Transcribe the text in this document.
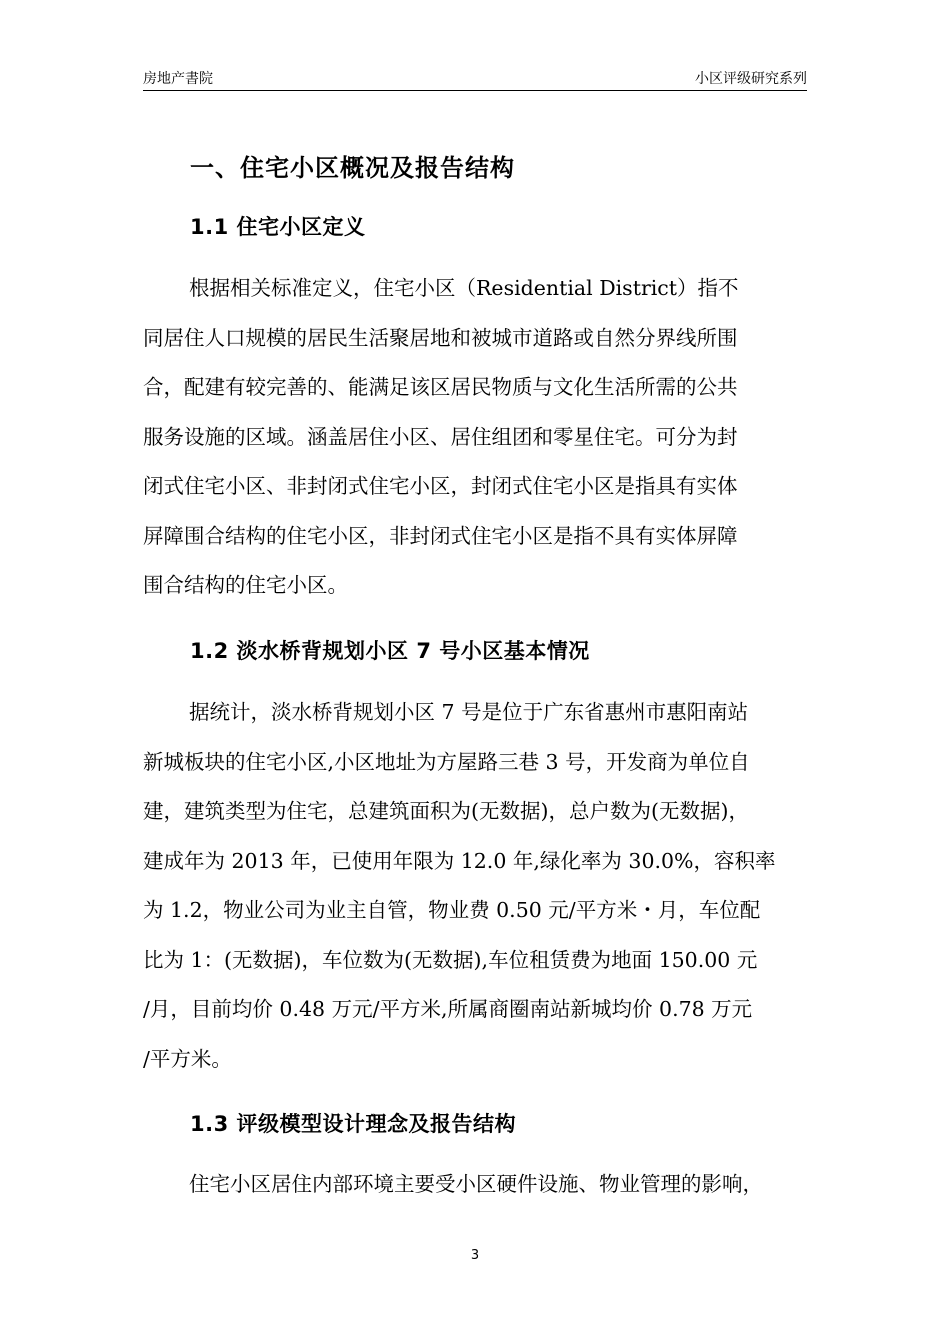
房地产書院	小区评级研究系列
一、住宅小区概况及报告结构
1.1 住宅小区定义
根据相关标准定义，住宅小区（Residential District）指不
同居住人口规模的居民生活聚居地和被城市道路或自然分界线所围
合，配建有较完善的、能满足该区居民物质与文化生活所需的公共
服务设施的区域。涵盖居住小区、居住组团和零星住宅。可分为封
闭式住宅小区、非封闭式住宅小区，封闭式住宅小区是指具有实体
屏障围合结构的住宅小区，非封闭式住宅小区是指不具有实体屏障
围合结构的住宅小区。
1.2 淡水桥背规划小区 7 号小区基本情况
据统计，淡水桥背规划小区 7 号是位于广东省惠州市惠阳南站
新城板块的住宅小区,小区地址为方屋路三巷 3 号，开发商为单位自
建，建筑类型为住宅，总建筑面积为(无数据)，总户数为(无数据)，
建成年为 2013 年，已使用年限为 12.0 年,绿化率为 30.0%，容积率
为 1.2，物业公司为业主自管，物业费 0.50 元/平方米・月，车位配
比为 1：(无数据)，车位数为(无数据),车位租赁费为地面 150.00 元
/月，目前均价 0.48 万元/平方米,所属商圈南站新城均价 0.78 万元
/平方米。
1.3 评级模型设计理念及报告结构
住宅小区居住内部环境主要受小区硬件设施、物业管理的影响，
3
